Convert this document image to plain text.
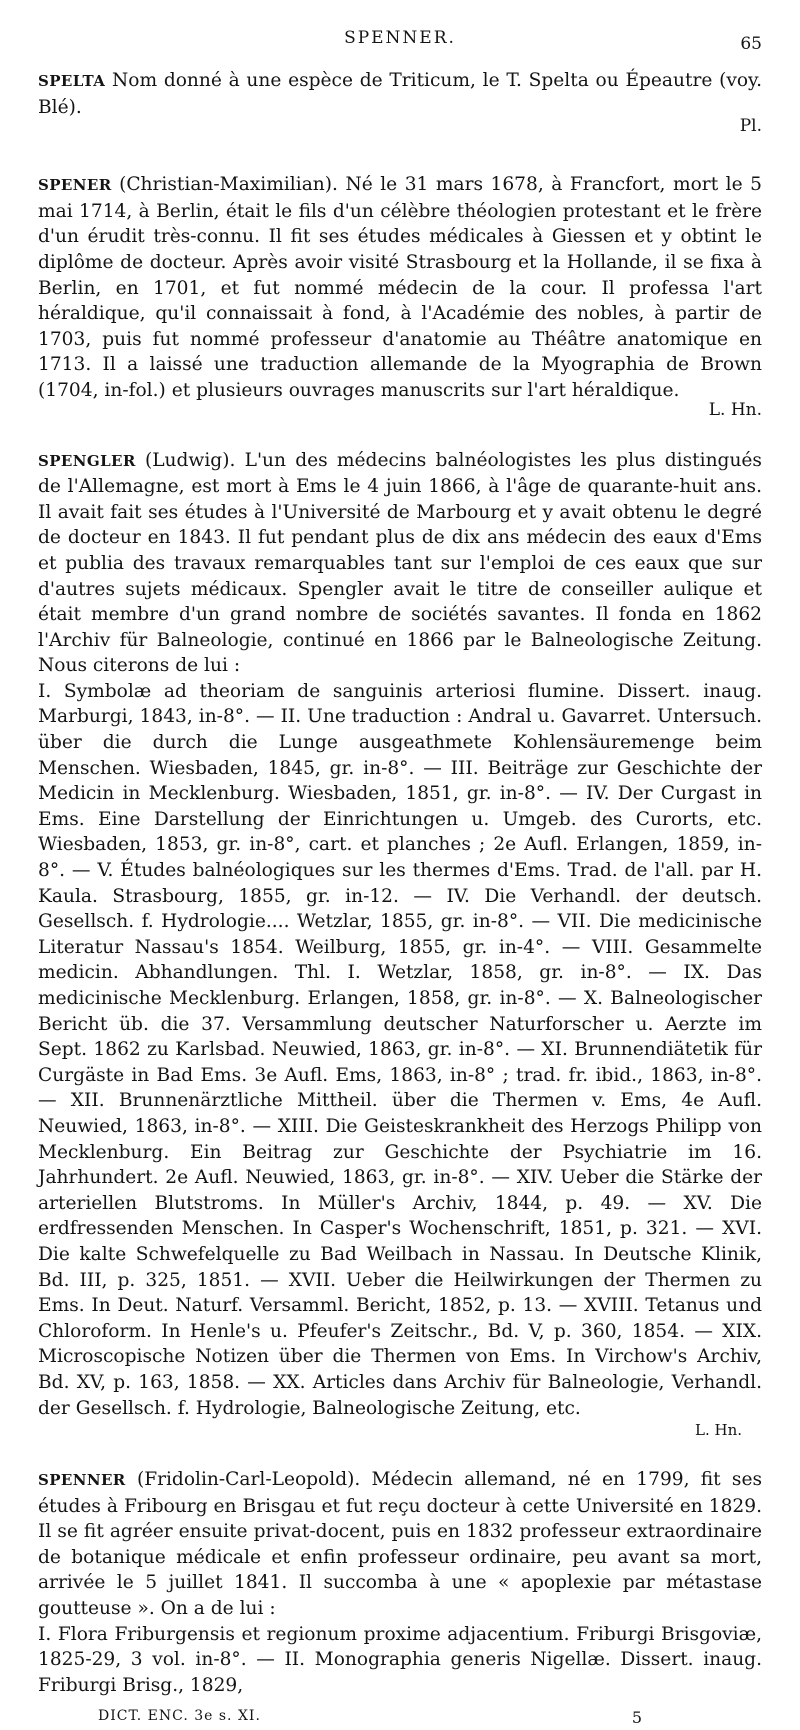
SPENNER.	65

SPELTA Nom donné à une espèce de Triticum, le T. Spelta ou Épeautre (voy. Blé).

Pl.

SPENER (Christian-Maximilian). Né le 31 mars 1678, à Francfort, mort le 5 mai 1714, à Berlin, était le fils d'un célèbre théologien protestant et le frère d'un érudit très-connu. Il fit ses études médicales à Giessen et y obtint le diplôme de docteur. Après avoir visité Strasbourg et la Hollande, il se fixa à Berlin, en 1701, et fut nommé médecin de la cour. Il professa l'art héraldique, qu'il connaissait à fond, à l'Académie des nobles, à partir de 1703, puis fut nommé professeur d'anatomie au Théâtre anatomique en 1713. Il a laissé une traduction allemande de la Myographia de Brown (1704, in-fol.) et plusieurs ouvrages manuscrits sur l'art héraldique.

L. Hn.

SPENGLER (Ludwig). L'un des médecins balnéologistes les plus distingués de l'Allemagne, est mort à Ems le 4 juin 1866, à l'âge de quarante-huit ans. Il avait fait ses études à l'Université de Marbourg et y avait obtenu le degré de docteur en 1843. Il fut pendant plus de dix ans médecin des eaux d'Ems et publia des travaux remarquables tant sur l'emploi de ces eaux que sur d'autres sujets médicaux. Spengler avait le titre de conseiller aulique et était membre d'un grand nombre de sociétés savantes. Il fonda en 1862 l'Archiv für Balneologie, continué en 1866 par le Balneologische Zeitung. Nous citerons de lui :

I. Symbolæ ad theoriam de sanguinis arteriosi flumine. Dissert. inaug. Marburgi, 1843, in-8°. — II. Une traduction : Andral u. Gavarret. Untersuch. über die durch die Lunge ausgeathmete Kohlensäuremenge beim Menschen. Wiesbaden, 1845, gr. in-8°. — III. Beiträge zur Geschichte der Medicin in Mecklenburg. Wiesbaden, 1851, gr. in-8°. — IV. Der Curgast in Ems. Eine Darstellung der Einrichtungen u. Umgeb. des Curorts, etc. Wiesbaden, 1853, gr. in-8°, cart. et planches ; 2e Aufl. Erlangen, 1859, in-8°. — V. Études balnéologiques sur les thermes d'Ems. Trad. de l'all. par H. Kaula. Strasbourg, 1855, gr. in-12. — IV. Die Verhandl. der deutsch. Gesellsch. f. Hydrologie.... Wetzlar, 1855, gr. in-8°. — VII. Die medicinische Literatur Nassau's 1854. Weilburg, 1855, gr. in-4°. — VIII. Gesammelte medicin. Abhandlungen. Thl. I. Wetzlar, 1858, gr. in-8°. — IX. Das medicinische Mecklenburg. Erlangen, 1858, gr. in-8°. — X. Balneologischer Bericht üb. die 37. Versammlung deutscher Naturforscher u. Aerzte im Sept. 1862 zu Karlsbad. Neuwied, 1863, gr. in-8°. — XI. Brunnendiätetik für Curgäste in Bad Ems. 3e Aufl. Ems, 1863, in-8° ; trad. fr. ibid., 1863, in-8°. — XII. Brunnenärztliche Mittheil. über die Thermen v. Ems, 4e Aufl. Neuwied, 1863, in-8°. — XIII. Die Geisteskrankheit des Herzogs Philipp von Mecklenburg. Ein Beitrag zur Geschichte der Psychiatrie im 16. Jahrhundert. 2e Aufl. Neuwied, 1863, gr. in-8°. — XIV. Ueber die Stärke der arteriellen Blutstroms. In Müller's Archiv, 1844, p. 49. — XV. Die erdfressenden Menschen. In Casper's Wochenschrift, 1851, p. 321. — XVI. Die kalte Schwefelquelle zu Bad Weilbach in Nassau. In Deutsche Klinik, Bd. III, p. 325, 1851. — XVII. Ueber die Heilwirkungen der Thermen zu Ems. In Deut. Naturf. Versamml. Bericht, 1852, p. 13. — XVIII. Tetanus und Chloroform. In Henle's u. Pfeufer's Zeitschr., Bd. V, p. 360, 1854. — XIX. Microscopische Notizen über die Thermen von Ems. In Virchow's Archiv, Bd. XV, p. 163, 1858. — XX. Articles dans Archiv für Balneologie, Verhandl. der Gesellsch. f. Hydrologie, Balneologische Zeitung, etc.

L. Hn.

SPENNER (Fridolin-Carl-Leopold). Médecin allemand, né en 1799, fit ses études à Fribourg en Brisgau et fut reçu docteur à cette Université en 1829. Il se fit agréer ensuite privat-docent, puis en 1832 professeur extraordinaire de botanique médicale et enfin professeur ordinaire, peu avant sa mort, arrivée le 5 juillet 1841. Il succomba à une « apoplexie par métastase goutteuse ». On a de lui :

I. Flora Friburgensis et regionum proxime adjacentium. Friburgi Brisgoviæ, 1825-29, 3 vol. in-8°. — II. Monographia generis Nigellæ. Dissert. inaug. Friburgi Brisg., 1829,

DICT. ENC. 3e s. XI.	5
